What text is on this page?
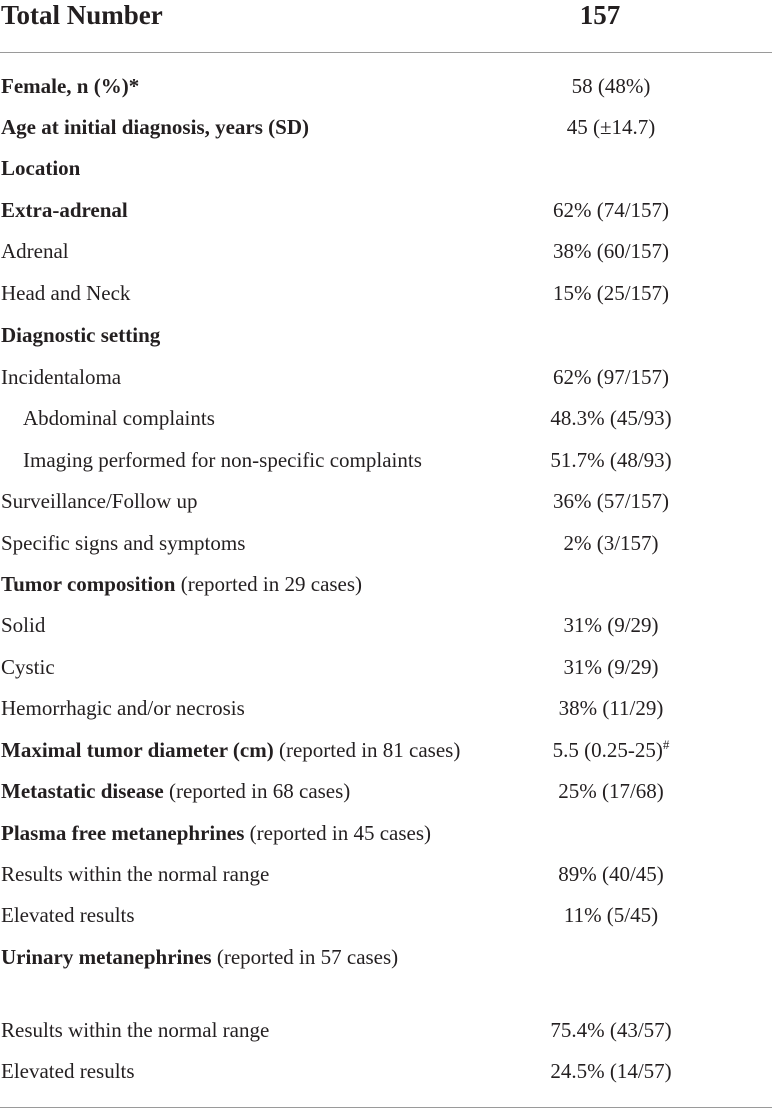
Total Number	157
Female, n (%)*	58 (48%)
Age at initial diagnosis, years (SD)	45 (±14.7)
Location
Extra-adrenal	62% (74/157)
Adrenal	38% (60/157)
Head and Neck	15% (25/157)
Diagnostic setting
Incidentaloma	62% (97/157)
Abdominal complaints	48.3% (45/93)
Imaging performed for non-specific complaints	51.7% (48/93)
Surveillance/Follow up	36% (57/157)
Specific signs and symptoms	2% (3/157)
Tumor composition (reported in 29 cases)
Solid	31% (9/29)
Cystic	31% (9/29)
Hemorrhagic and/or necrosis	38% (11/29)
Maximal tumor diameter (cm) (reported in 81 cases)	5.5 (0.25-25)#
Metastatic disease (reported in 68 cases)	25% (17/68)
Plasma free metanephrines (reported in 45 cases)
Results within the normal range	89% (40/45)
Elevated results	11% (5/45)
Urinary metanephrines (reported in 57 cases)
Results within the normal range	75.4% (43/57)
Elevated results	24.5% (14/57)
